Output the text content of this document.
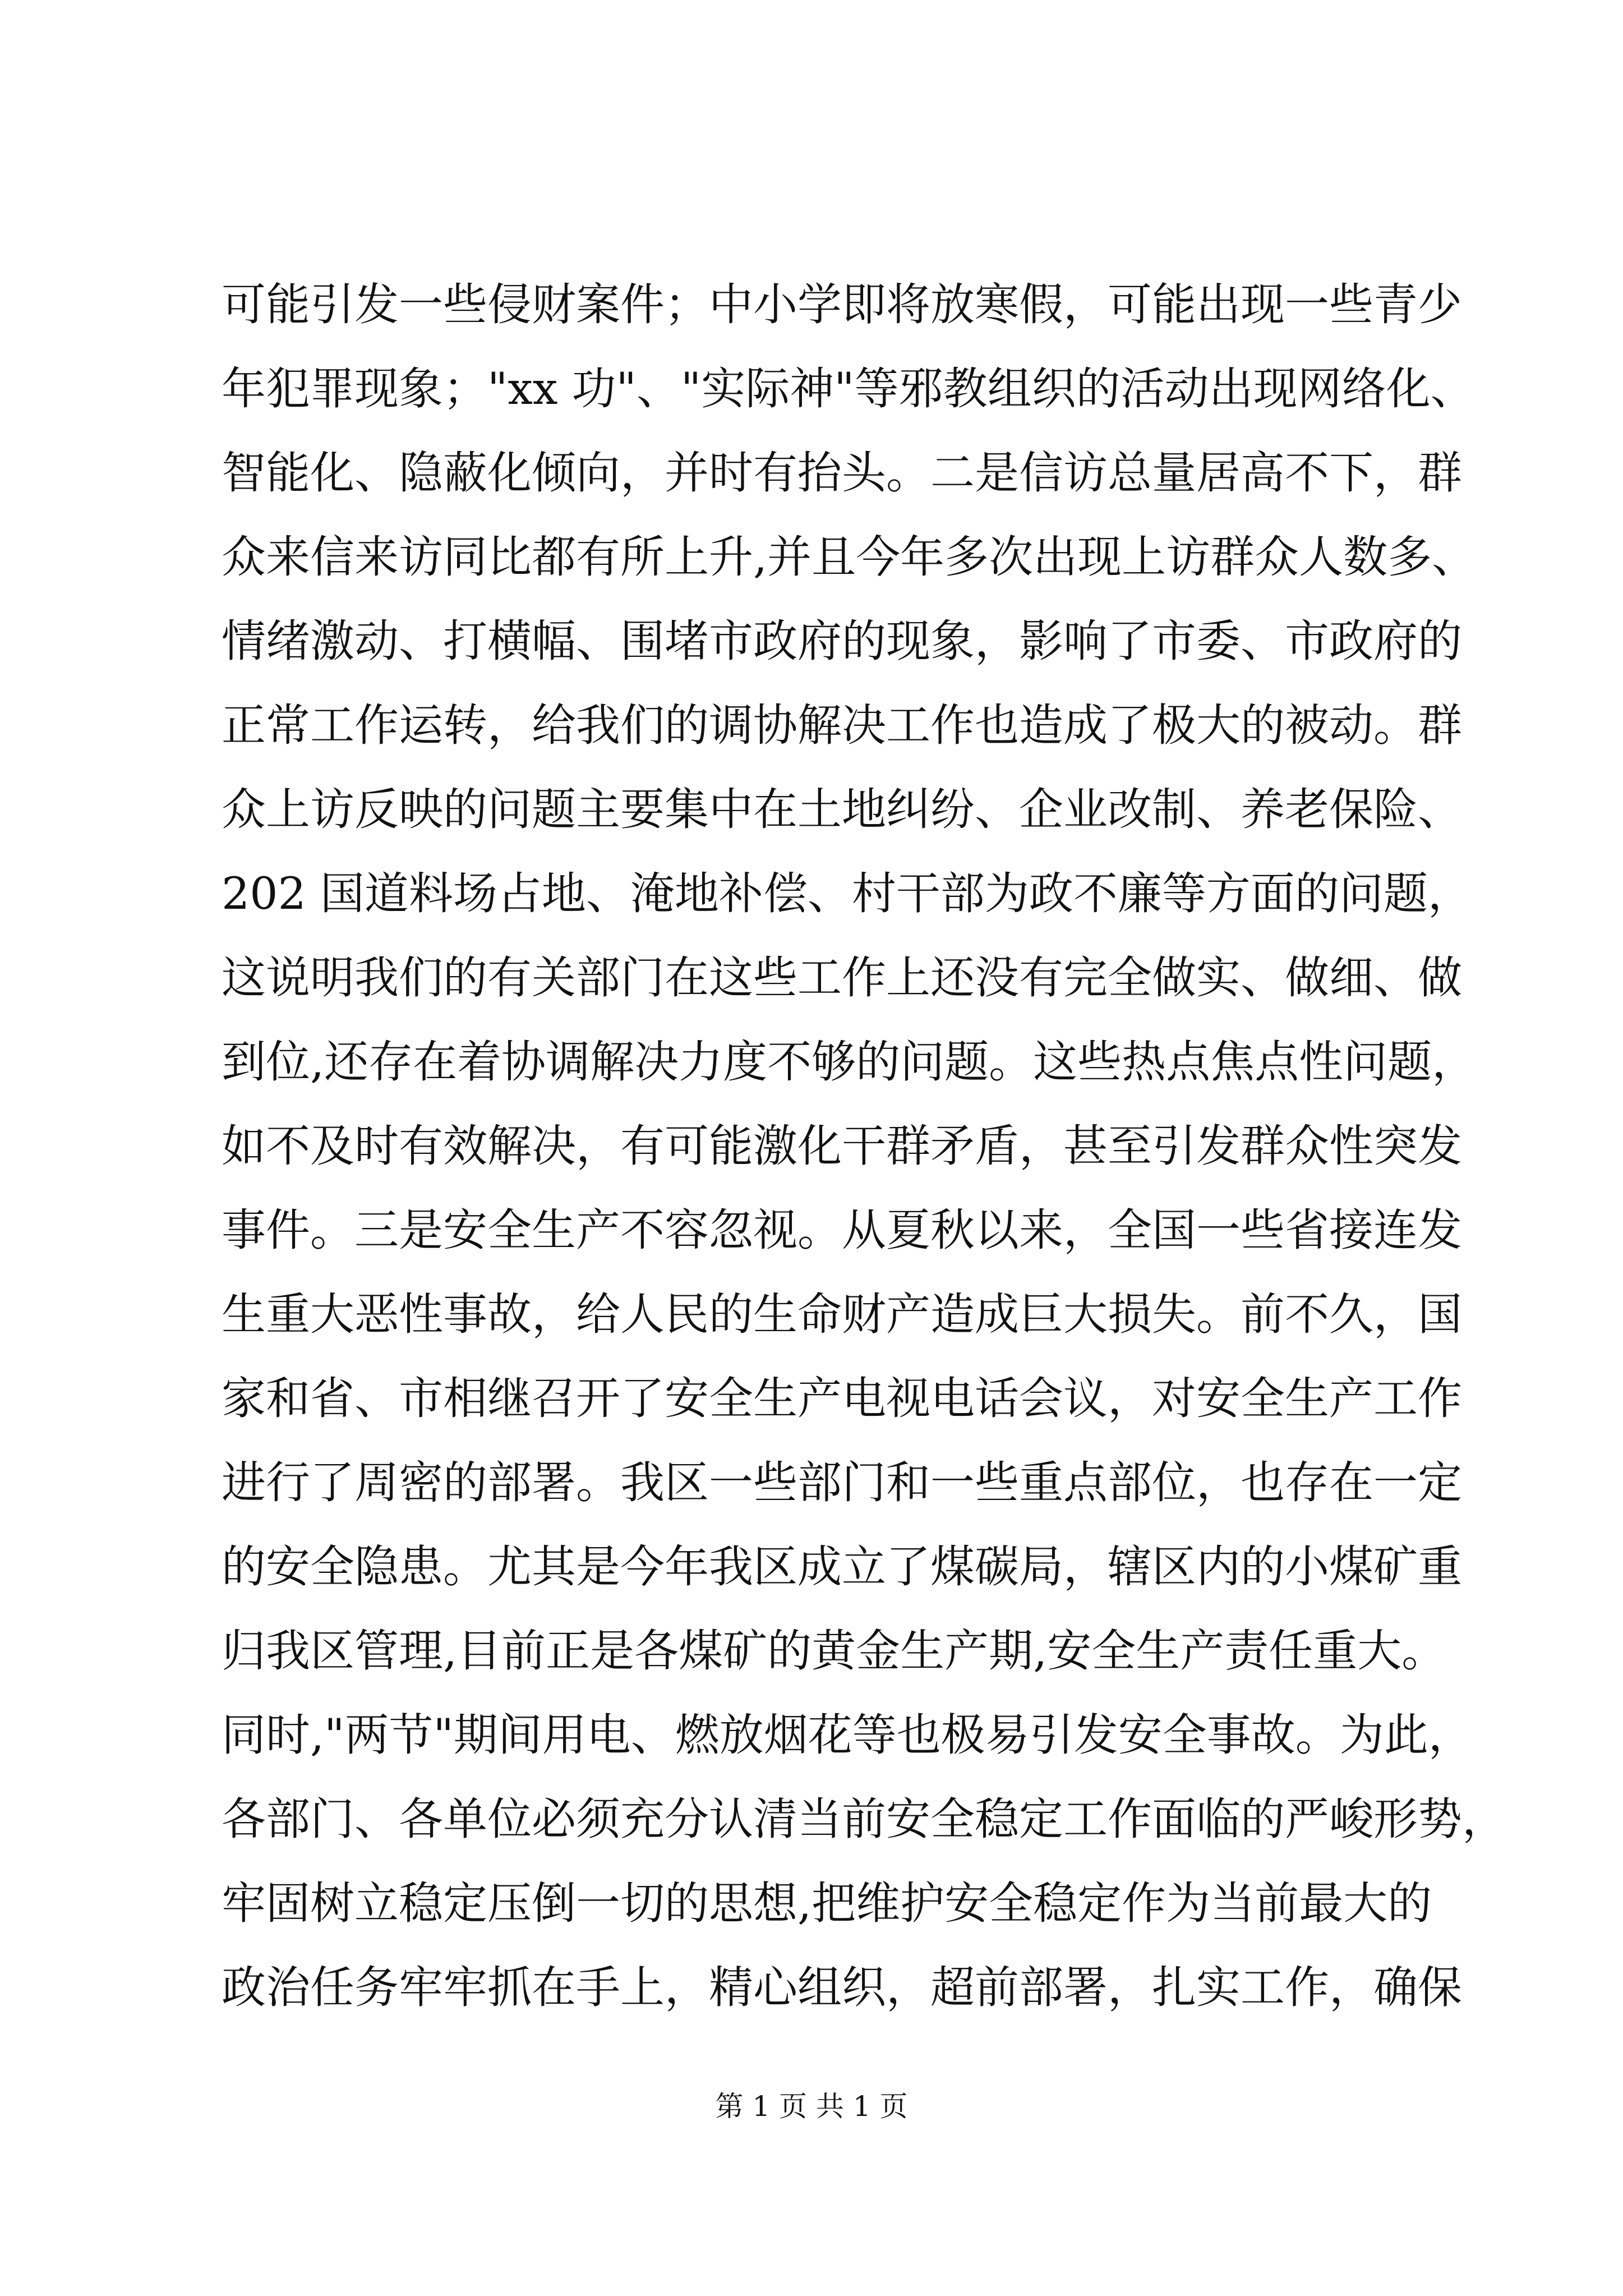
可能引发一些侵财案件；中小学即将放寒假，可能出现一些青少
年犯罪现象；"xx 功"、"实际神"等邪教组织的活动出现网络化、
智能化、隐蔽化倾向，并时有抬头。二是信访总量居高不下，群
众来信来访同比都有所上升,并且今年多次出现上访群众人数多、
情绪激动、打横幅、围堵市政府的现象，影响了市委、市政府的
正常工作运转，给我们的调协解决工作也造成了极大的被动。群
众上访反映的问题主要集中在土地纠纷、企业改制、养老保险、
202 国道料场占地、淹地补偿、村干部为政不廉等方面的问题，
这说明我们的有关部门在这些工作上还没有完全做实、做细、做
到位,还存在着协调解决力度不够的问题。这些热点焦点性问题，
如不及时有效解决，有可能激化干群矛盾，甚至引发群众性突发
事件。三是安全生产不容忽视。从夏秋以来，全国一些省接连发
生重大恶性事故，给人民的生命财产造成巨大损失。前不久，国
家和省、市相继召开了安全生产电视电话会议，对安全生产工作
进行了周密的部署。我区一些部门和一些重点部位，也存在一定
的安全隐患。尤其是今年我区成立了煤碳局，辖区内的小煤矿重
归我区管理,目前正是各煤矿的黄金生产期,安全生产责任重大。
同时,"两节"期间用电、燃放烟花等也极易引发安全事故。为此，
各部门、各单位必须充分认清当前安全稳定工作面临的严峻形势，
牢固树立稳定压倒一切的思想,把维护安全稳定作为当前最大的
政治任务牢牢抓在手上，精心组织，超前部署，扎实工作，确保
第 1 页 共 1 页
